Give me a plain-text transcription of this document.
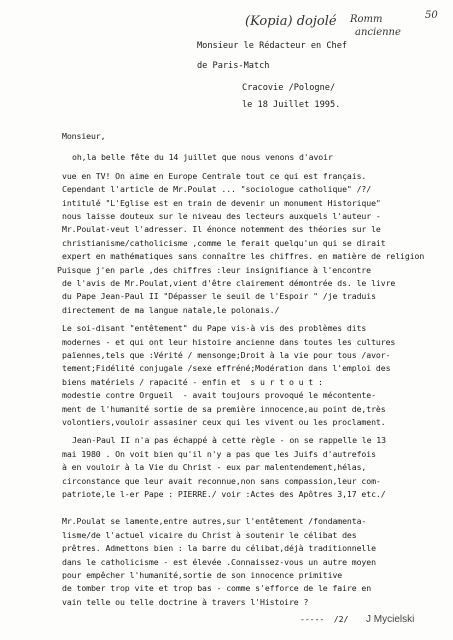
(Kopia) dojolé Romm
ancienne
50
Monsieur le Rédacteur en Chef
de Paris-Match
Cracovie /Pologne/
le 18 Juillet 1995.
Monsieur,
oh,la belle fête du 14 juillet que nous venons d'avoir
vue en TV! On aime en Europe Centrale tout ce qui est français.
Cependant l'article de Mr.Poulat ... "sociologue catholique" /?/
intitulé "L'Eglise est en train de devenir un monument Historique"
nous laisse douteux sur le niveau des lecteurs auxquels l'auteur -
Mr.Poulat-veut l'adresser. Il énonce notemment des théories sur le
christianisme/catholicisme ,comme le ferait quelqu'un qui se dirait
expert en mathématiques sans connaître les chiffres. en matière de religion
Puisque j'en parle ,des chiffres :leur insignifiance à l'encontre
de l'avis de Mr.Poulat,vient d'être clairement démontrée ds. le livre
du Pape Jean-Paul II "Dépasser le seuil de l'Espoir " /je traduis
directement de ma langue natale,le polonais./
Le soi-disant "entêtement" du Pape vis-à vis des problèmes dits
modernes - et qui ont leur histoire ancienne dans toutes les cultures
païennes,tels que :Vérité / mensonge;Droit à la vie pour tous /avor-
tement;Fidélité conjugale /sexe effréné;Modération dans l'emploi des
biens matériels / rapacité - enfin et  s u r t o u t :
modestie contre Orgueil  - avait toujours provoqué le mécontente-
ment de l'humanité sortie de sa première innocence,au point de,très
volontiers,vouloir assasiner ceux qui les vivent ou les proclament.
Jean-Paul II n'a pas échappé à cette règle - on se rappelle le 13
mai 1980 . On voit bien qu'il n'y a pas que les Juifs d'autrefois
à en vouloir à la Vie du Christ - eux par malentendement,hélas,
circonstance que leur avait reconnue,non sans compassion,leur com-
patriote,le l-er Pape : PIERRE./ voir :Actes des Apôtres 3,17 etc./
Mr.Poulat se lamente,entre autres,sur l'entêtement /fondamenta-
lisme/de l'actuel vicaire du Christ à soutenir le célibat des
prêtres. Admettons bien : la barre du célibat,déjà traditionnelle
dans le catholicisme - est élevée .Connaissez-vous un autre moyen
pour empêcher l'humanité,sortie de son innocence primitive
de tomber trop vite et trop bas - comme s'efforce de le faire en
vain telle ou telle doctrine à travers l'Histoire ?
-----  /2/ J Mycielski
